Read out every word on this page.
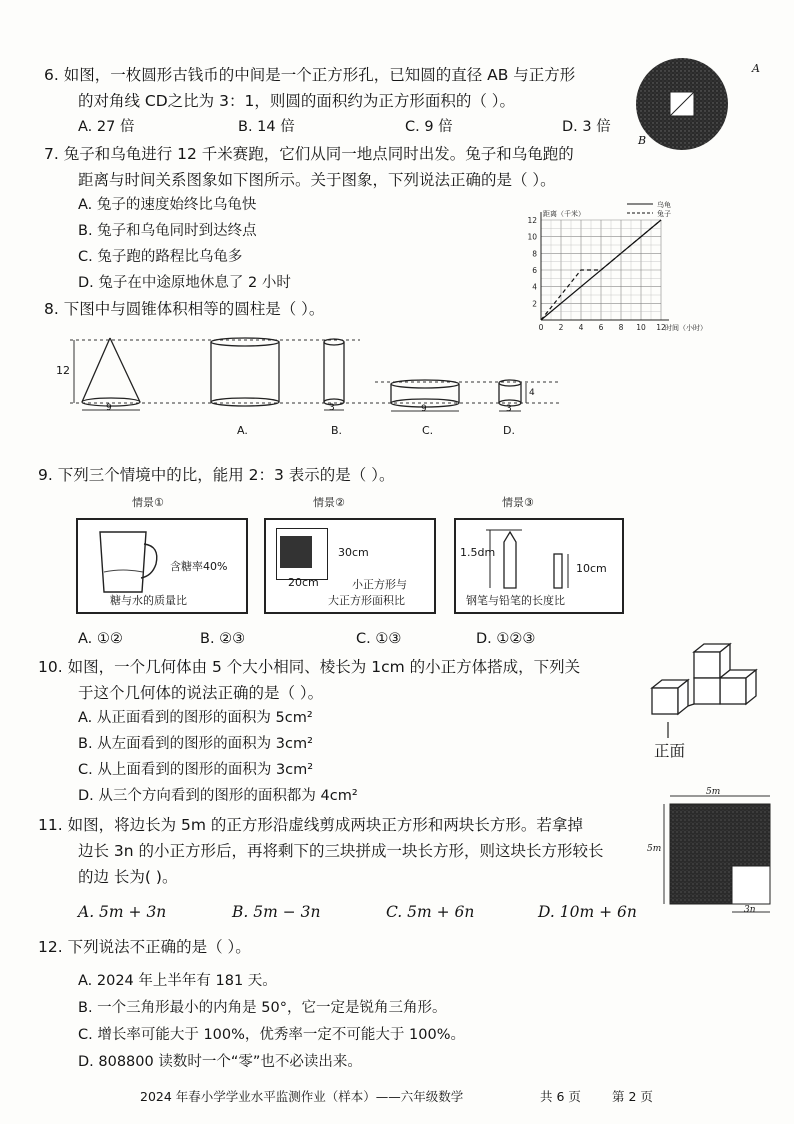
6. 如图，一枚圆形古钱币的中间是一个正方形孔，已知圆的直径 AB 与正方形
的对角线 CD之比为 3：1，则圆的面积约为正方形面积的（ ）。
A. 27 倍	B. 14 倍	C. 9 倍	D. 3 倍
A
B
7. 兔子和乌龟进行 12 千米赛跑，它们从同一地点同时出发。兔子和乌龟跑的
距离与时间关系图象如下图所示。关于图象，下列说法正确的是（ ）。
A. 兔子的速度始终比乌龟快
B. 兔子和乌龟同时到达终点
C. 兔子跑的路程比乌龟多
D. 兔子在中途原地休息了 2 小时
0 2 4 6 8 10 12
2
4
6
8
10
12
距离（千米）
时间（小时）
乌龟
兔子
8. 下图中与圆锥体积相等的圆柱是（ ）。
12
9	3	9	3
4
A.	B.	C.	D.
9. 下列三个情境中的比，能用 2：3 表示的是（ ）。
情景①	情景②	情景③
含糖率40%
糖与水的质量比
30cm
20cm	小正方形与
大正方形面积比
1.5dm
10cm
钢笔与铅笔的长度比
A. ①②	B. ②③	C. ①③	D. ①②③
10. 如图，一个几何体由 5 个大小相同、棱长为 1cm 的小正方体搭成，下列关
于这个几何体的说法正确的是（ ）。
A. 从正面看到的图形的面积为 5cm²
B. 从左面看到的图形的面积为 3cm²
C. 从上面看到的图形的面积为 3cm²
D. 从三个方向看到的图形的面积都为 4cm²
正面
11. 如图，将边长为 5m 的正方形沿虚线剪成两块正方形和两块长方形。若拿掉
边长 3n 的小正方形后，再将剩下的三块拼成一块长方形，则这块长方形较长
的边 长为( )。
A. 5m + 3n	B. 5m − 3n	C. 5m + 6n	D. 10m + 6n
5m
5m
3n
12. 下列说法不正确的是（ ）。
A. 2024 年上半年有 181 天。
B. 一个三角形最小的内角是 50°，它一定是锐角三角形。
C. 增长率可能大于 100%，优秀率一定不可能大于 100%。
D. 808800 读数时一个“零”也不必读出来。
2024 年春小学学业水平监测作业（样本）——六年级数学	共 6 页 第 2 页
